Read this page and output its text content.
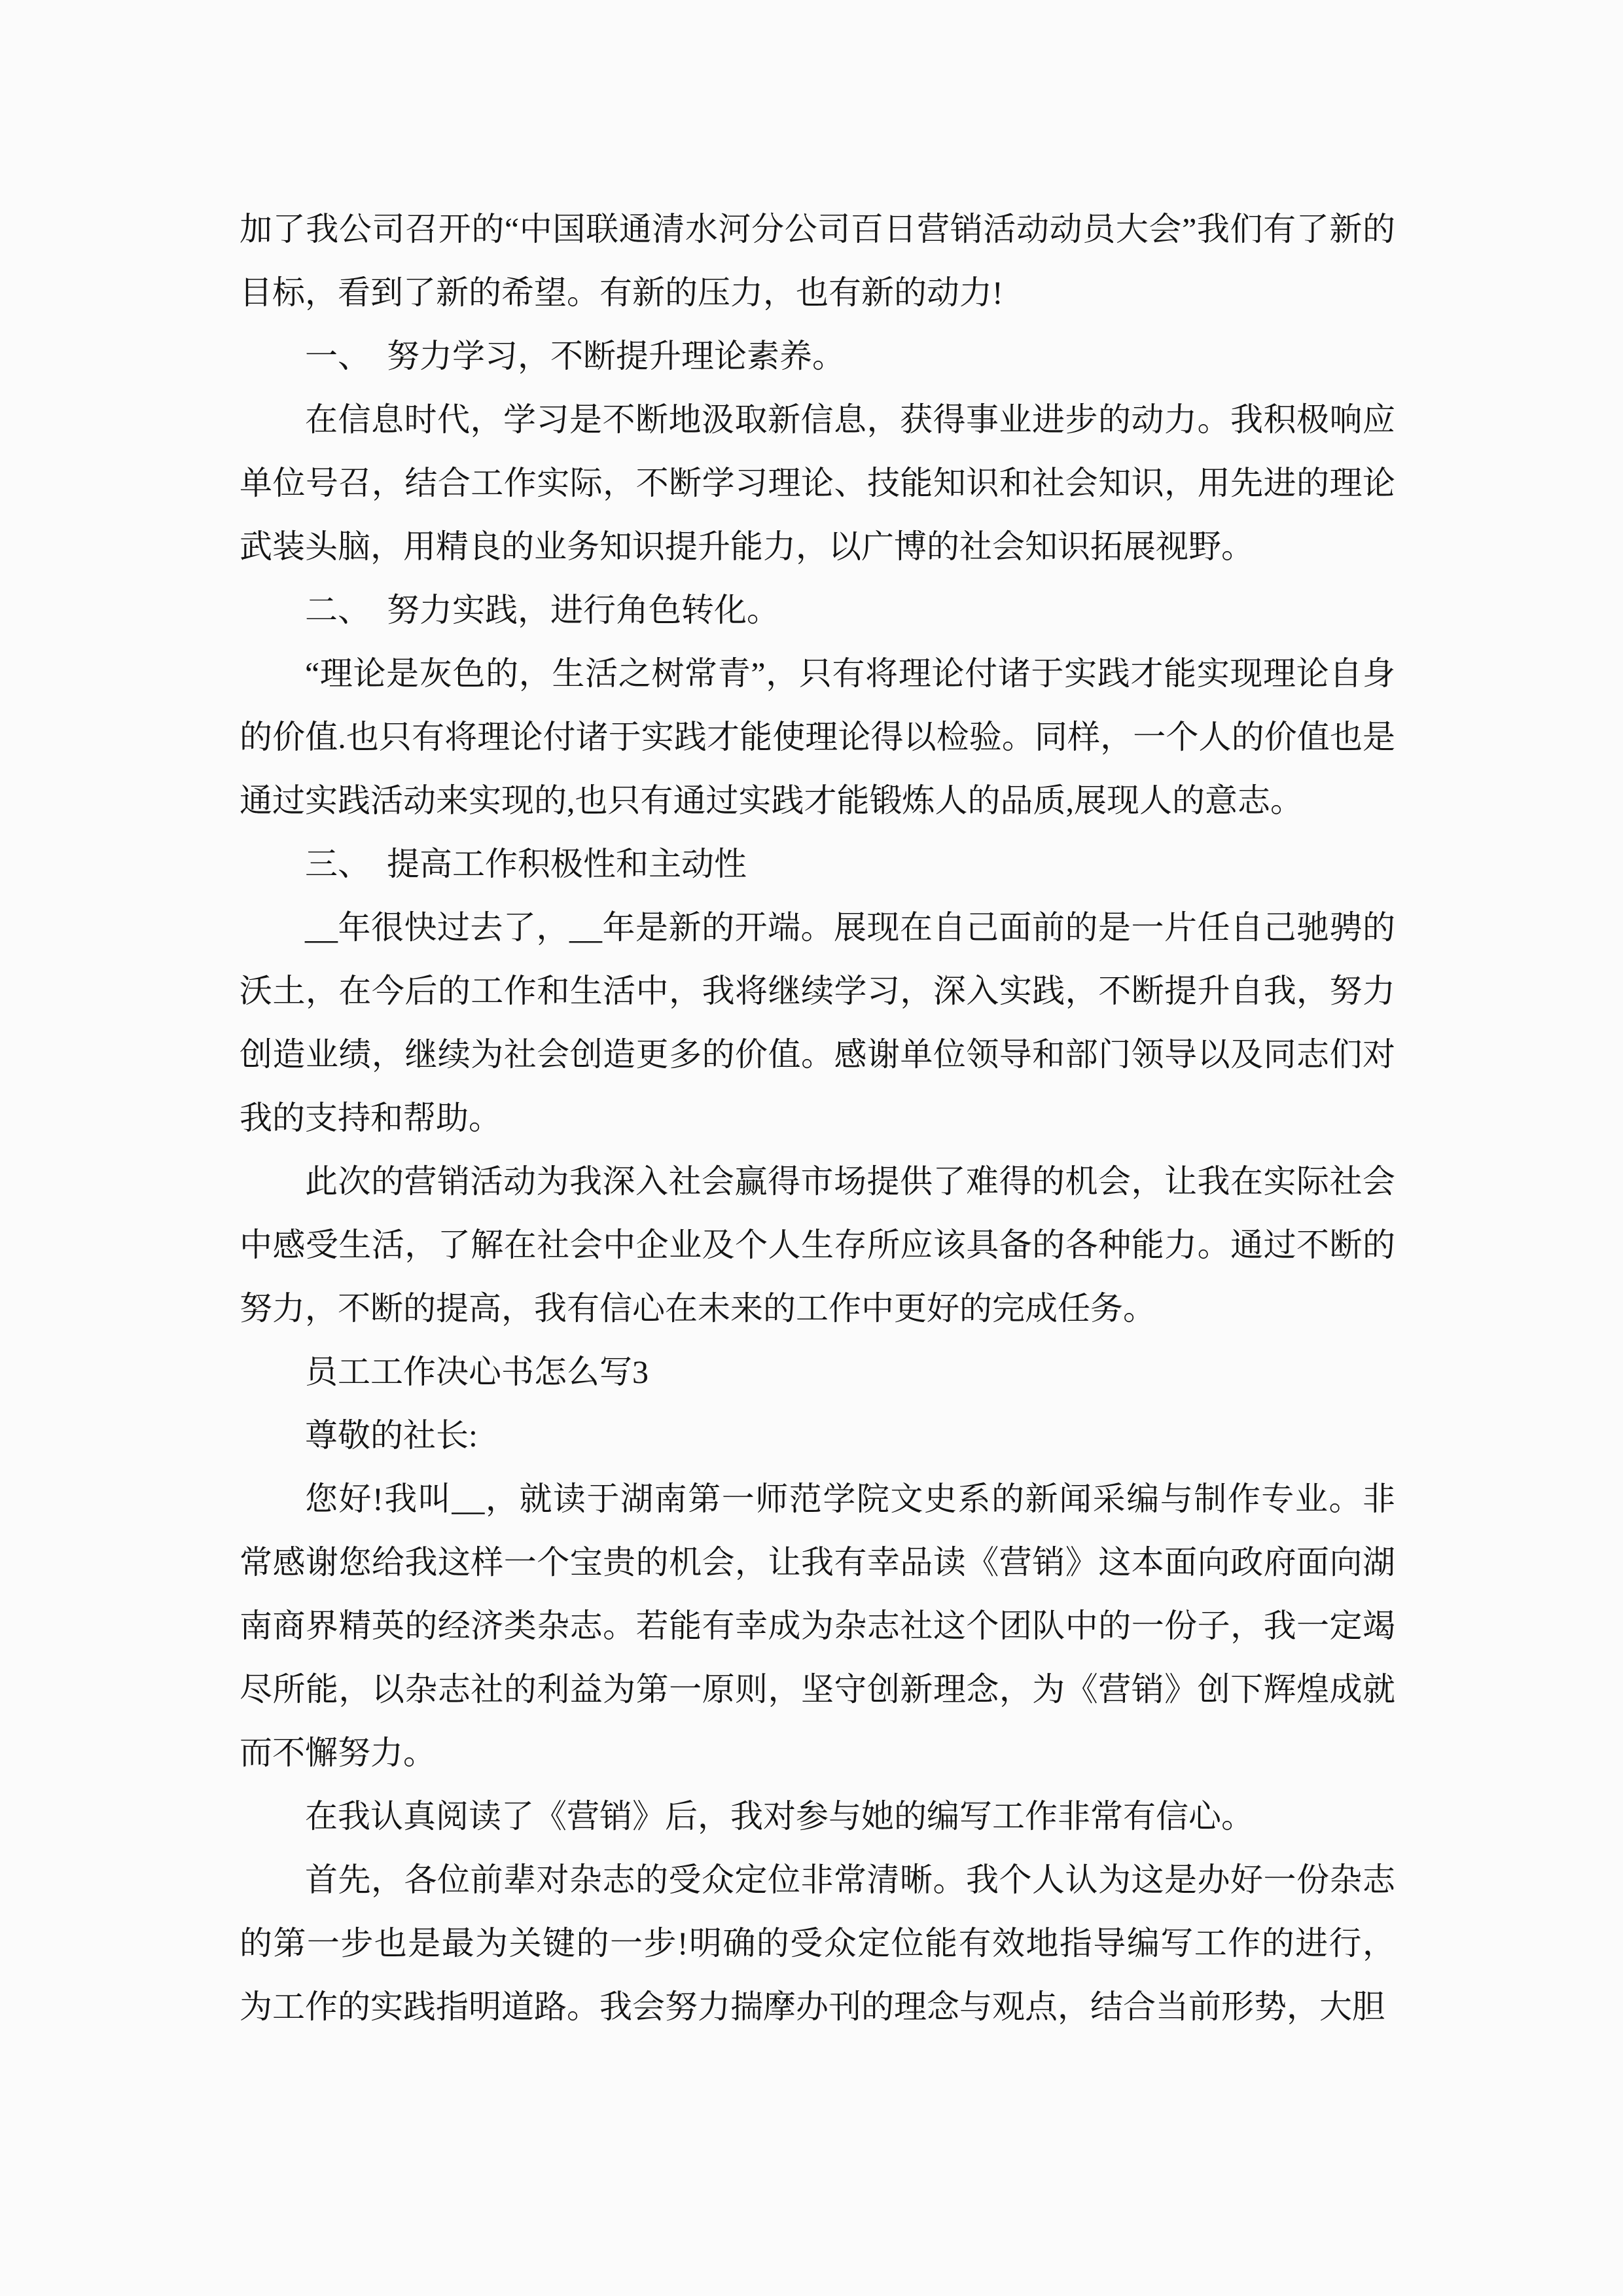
加了我公司召开的“中国联通清水河分公司百日营销活动动员大会”我们有了新的目标，看到了新的希望。有新的压力，也有新的动力!

一、　努力学习，不断提升理论素养。

在信息时代，学习是不断地汲取新信息，获得事业进步的动力。我积极响应单位号召，结合工作实际，不断学习理论、技能知识和社会知识，用先进的理论武装头脑，用精良的业务知识提升能力，以广博的社会知识拓展视野。

二、　努力实践，进行角色转化。

“理论是灰色的，生活之树常青”，只有将理论付诸于实践才能实现理论自身的价值.也只有将理论付诸于实践才能使理论得以检验。同样，一个人的价值也是通过实践活动来实现的,也只有通过实践才能锻炼人的品质,展现人的意志。

三、　提高工作积极性和主动性

__年很快过去了，__年是新的开端。展现在自己面前的是一片任自己驰骋的沃土，在今后的工作和生活中，我将继续学习，深入实践，不断提升自我，努力创造业绩，继续为社会创造更多的价值。感谢单位领导和部门领导以及同志们对我的支持和帮助。

此次的营销活动为我深入社会赢得市场提供了难得的机会，让我在实际社会中感受生活，了解在社会中企业及个人生存所应该具备的各种能力。通过不断的努力，不断的提高，我有信心在未来的工作中更好的完成任务。

员工工作决心书怎么写3

尊敬的社长:

您好!我叫__，就读于湖南第一师范学院文史系的新闻采编与制作专业。非常感谢您给我这样一个宝贵的机会，让我有幸品读《营销》这本面向政府面向湖南商界精英的经济类杂志。若能有幸成为杂志社这个团队中的一份子，我一定竭尽所能，以杂志社的利益为第一原则，坚守创新理念，为《营销》创下辉煌成就而不懈努力。

在我认真阅读了《营销》后，我对参与她的编写工作非常有信心。

首先，各位前辈对杂志的受众定位非常清晰。我个人认为这是办好一份杂志的第一步也是最为关键的一步!明确的受众定位能有效地指导编写工作的进行，为工作的实践指明道路。我会努力揣摩办刊的理念与观点，结合当前形势，大胆
